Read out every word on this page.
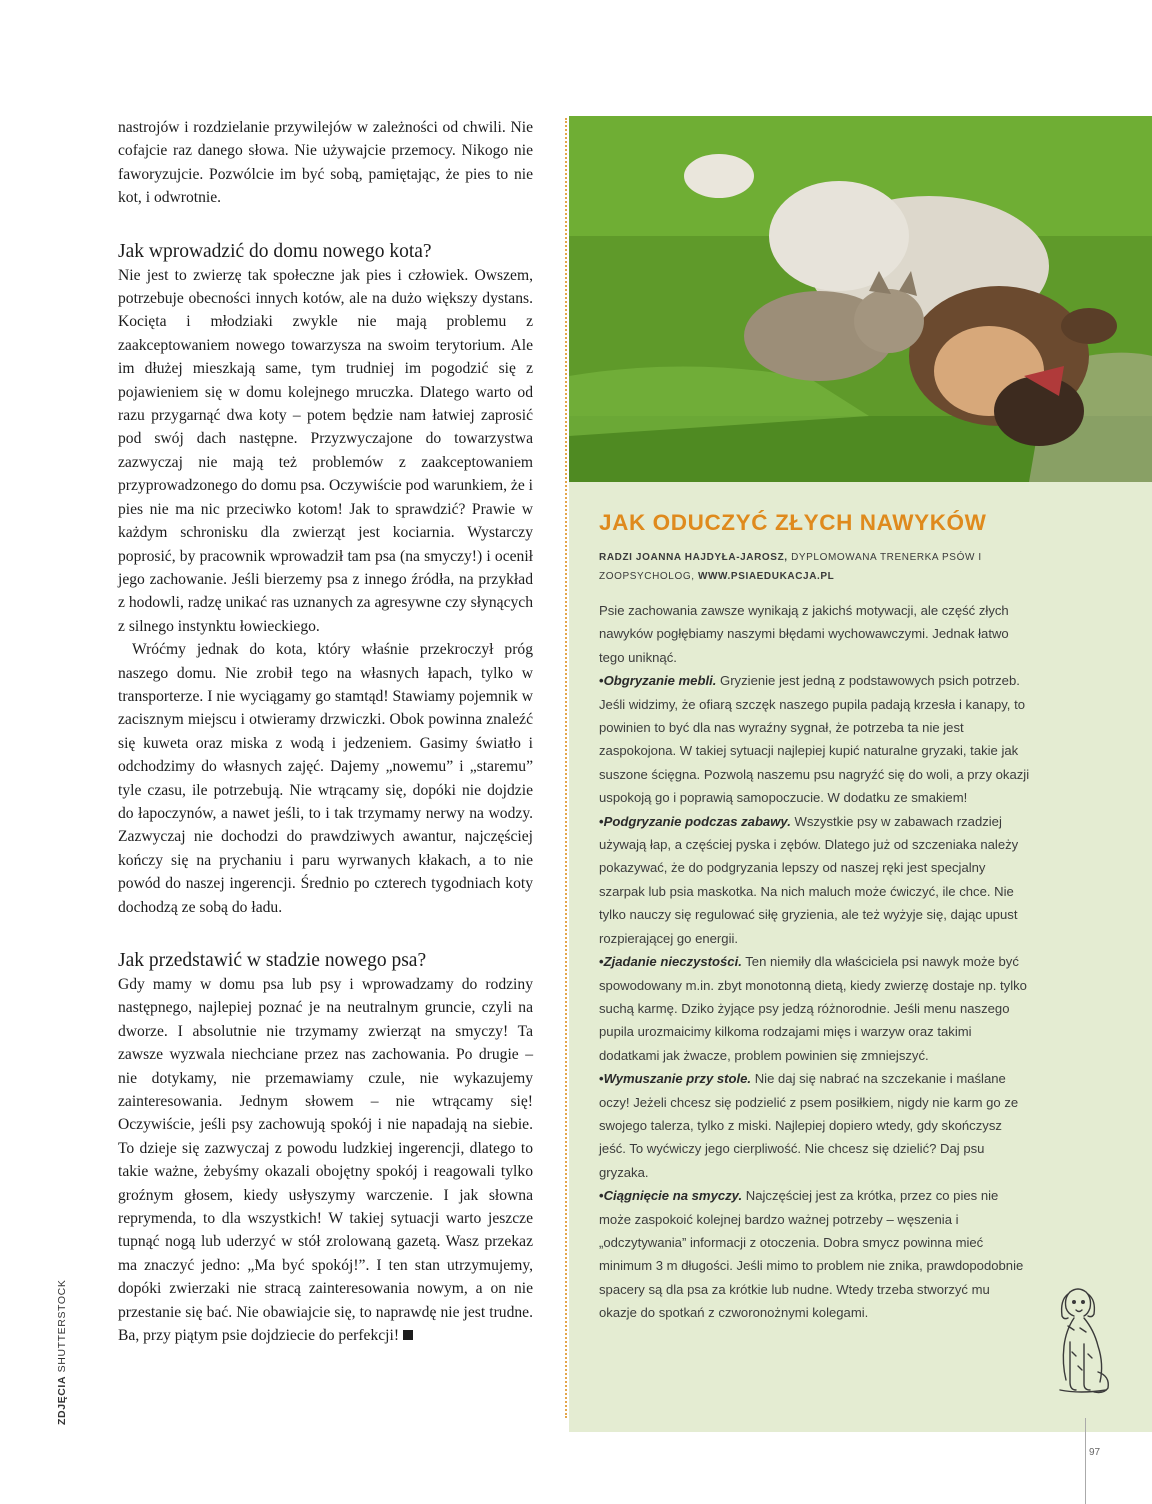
nastrojów i rozdzielanie przywilejów w zależności od chwili. Nie cofajcie raz danego słowa. Nie używajcie przemocy. Nikogo nie faworyzujcie. Pozwólcie im być sobą, pamiętając, że pies to nie kot, i odwrotnie.

Jak wprowadzić do domu nowego kota?

Nie jest to zwierzę tak społeczne jak pies i człowiek. Owszem, potrzebuje obecności innych kotów, ale na dużo większy dystans. Kocięta i młodziaki zwykle nie mają problemu z zaakceptowaniem nowego towarzysza na swoim terytorium. Ale im dłużej mieszkają same, tym trudniej im pogodzić się z pojawieniem się w domu kolejnego mruczka. Dlatego warto od razu przygarnąć dwa koty – potem będzie nam łatwiej zaprosić pod swój dach następne. Przyzwyczajone do towarzystwa zazwyczaj nie mają też problemów z zaakceptowaniem przyprowadzonego do domu psa. Oczywiście pod warunkiem, że i pies nie ma nic przeciwko kotom! Jak to sprawdzić? Prawie w każdym schronisku dla zwierząt jest kociarnia. Wystarczy poprosić, by pracownik wprowadził tam psa (na smyczy!) i ocenił jego zachowanie. Jeśli bierzemy psa z innego źródła, na przykład z hodowli, radzę unikać ras uznanych za agresywne czy słynących z silnego instynktu łowieckiego.

Wróćmy jednak do kota, który właśnie przekroczył próg naszego domu. Nie zrobił tego na własnych łapach, tylko w transporterze. I nie wyciągamy go stamtąd! Stawiamy pojemnik w zacisznym miejscu i otwieramy drzwiczki. Obok powinna znaleźć się kuweta oraz miska z wodą i jedzeniem. Gasimy światło i odchodzimy do własnych zajęć. Dajemy „nowemu” i „staremu” tyle czasu, ile potrzebują. Nie wtrącamy się, dopóki nie dojdzie do łapoczynów, a nawet jeśli, to i tak trzymamy nerwy na wodzy. Zazwyczaj nie dochodzi do prawdziwych awantur, najczęściej kończy się na prychaniu i paru wyrwanych kłakach, a to nie powód do naszej ingerencji. Średnio po czterech tygodniach koty dochodzą ze sobą do ładu.

Jak przedstawić w stadzie nowego psa?

Gdy mamy w domu psa lub psy i wprowadzamy do rodziny następnego, najlepiej poznać je na neutralnym gruncie, czyli na dworze. I absolutnie nie trzymamy zwierząt na smyczy! Ta zawsze wyzwala niechciane przez nas zachowania. Po drugie – nie dotykamy, nie przemawiamy czule, nie wykazujemy zainteresowania. Jednym słowem – nie wtrącamy się! Oczywiście, jeśli psy zachowują spokój i nie napadają na siebie. To dzieje się zazwyczaj z powodu ludzkiej ingerencji, dlatego to takie ważne, żebyśmy okazali obojętny spokój i reagowali tylko groźnym głosem, kiedy usłyszymy warczenie. I jak słowna reprymenda, to dla wszystkich! W takiej sytuacji warto jeszcze tupnąć nogą lub uderzyć w stół zrolowaną gazetą. Wasz przekaz ma znaczyć jedno: „Ma być spokój!”. I ten stan utrzymujemy, dopóki zwierzaki nie stracą zainteresowania nowym, a on nie przestanie się bać. Nie obawiajcie się, to naprawdę nie jest trudne. Ba, przy piątym psie dojdziecie do perfekcji!

ZDJĘCIA SHUTTERSTOCK
JAK ODUCZYĆ ZŁYCH NAWYKÓW
RADZI JOANNA HAJDYŁA-JAROSZ, DYPLOMOWANA TRENERKA PSÓW I ZOOPSYCHOLOG, WWW.PSIAEDUKACJA.PL

Psie zachowania zawsze wynikają z jakichś motywacji, ale część złych nawyków pogłębiamy naszymi błędami wychowawczymi. Jednak łatwo tego uniknąć.

•Obgryzanie mebli. Gryzienie jest jedną z podstawowych psich potrzeb. Jeśli widzimy, że ofiarą szczęk naszego pupila padają krzesła i kanapy, to powinien to być dla nas wyraźny sygnał, że potrzeba ta nie jest zaspokojona. W takiej sytuacji najlepiej kupić naturalne gryzaki, takie jak suszone ścięgna. Pozwolą naszemu psu nagryźć się do woli, a przy okazji uspokoją go i poprawią samopoczucie. W dodatku ze smakiem!

•Podgryzanie podczas zabawy. Wszystkie psy w zabawach rzadziej używają łap, a częściej pyska i zębów. Dlatego już od szczeniaka należy pokazywać, że do podgryzania lepszy od naszej ręki jest specjalny szarpak lub psia maskotka. Na nich maluch może ćwiczyć, ile chce. Nie tylko nauczy się regulować siłę gryzienia, ale też wyżyje się, dając upust rozpierającej go energii.

•Zjadanie nieczystości. Ten niemiły dla właściciela psi nawyk może być spowodowany m.in. zbyt monotonną dietą, kiedy zwierzę dostaje np. tylko suchą karmę. Dziko żyjące psy jedzą różnorodnie. Jeśli menu naszego pupila urozmaicimy kilkoma rodzajami mięs i warzyw oraz takimi dodatkami jak żwacze, problem powinien się zmniejszyć.

•Wymuszanie przy stole. Nie daj się nabrać na szczekanie i maślane oczy! Jeżeli chcesz się podzielić z psem posiłkiem, nigdy nie karm go ze swojego talerza, tylko z miski. Najlepiej dopiero wtedy, gdy skończysz jeść. To wyćwiczy jego cierpliwość. Nie chcesz się dzielić? Daj psu gryzaka.

•Ciągnięcie na smyczy. Najczęściej jest za krótka, przez co pies nie może zaspokoić kolejnej bardzo ważnej potrzeby – węszenia i „odczytywania” informacji z otoczenia. Dobra smycz powinna mieć minimum 3 m długości. Jeśli mimo to problem nie znika, prawdopodobnie spacery są dla psa za krótkie lub nudne. Wtedy trzeba stworzyć mu okazje do spotkań z czworonożnymi kolegami.

97
